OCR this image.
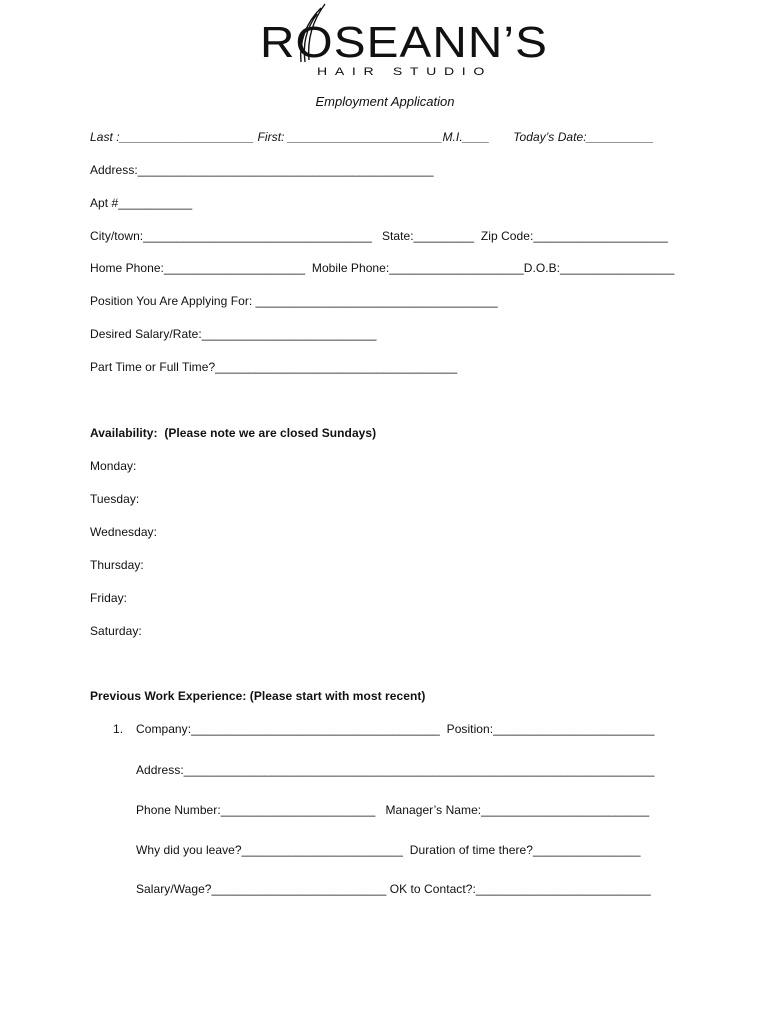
ROSEANN’S
HAIR STUDIO
Employment Application
Last :____________________ First: _______________________M.I.____       Today’s Date:__________
Address:____________________________________________
Apt #___________
City/town:__________________________________   State:_________  Zip Code:____________________
Home Phone:_____________________  Mobile Phone:____________________D.O.B:_________________
Position You Are Applying For: ____________________________________
Desired Salary/Rate:__________________________
Part Time or Full Time?____________________________________
Availability:  (Please note we are closed Sundays)
Monday:
Tuesday:
Wednesday:
Thursday:
Friday:
Saturday:
Previous Work Experience: (Please start with most recent)
1. Company:_____________________________________  Position:________________________
Address:______________________________________________________________________
Phone Number:_______________________   Manager’s Name:_________________________
Why did you leave?________________________  Duration of time there?________________
Salary/Wage?__________________________ OK to Contact?:__________________________
